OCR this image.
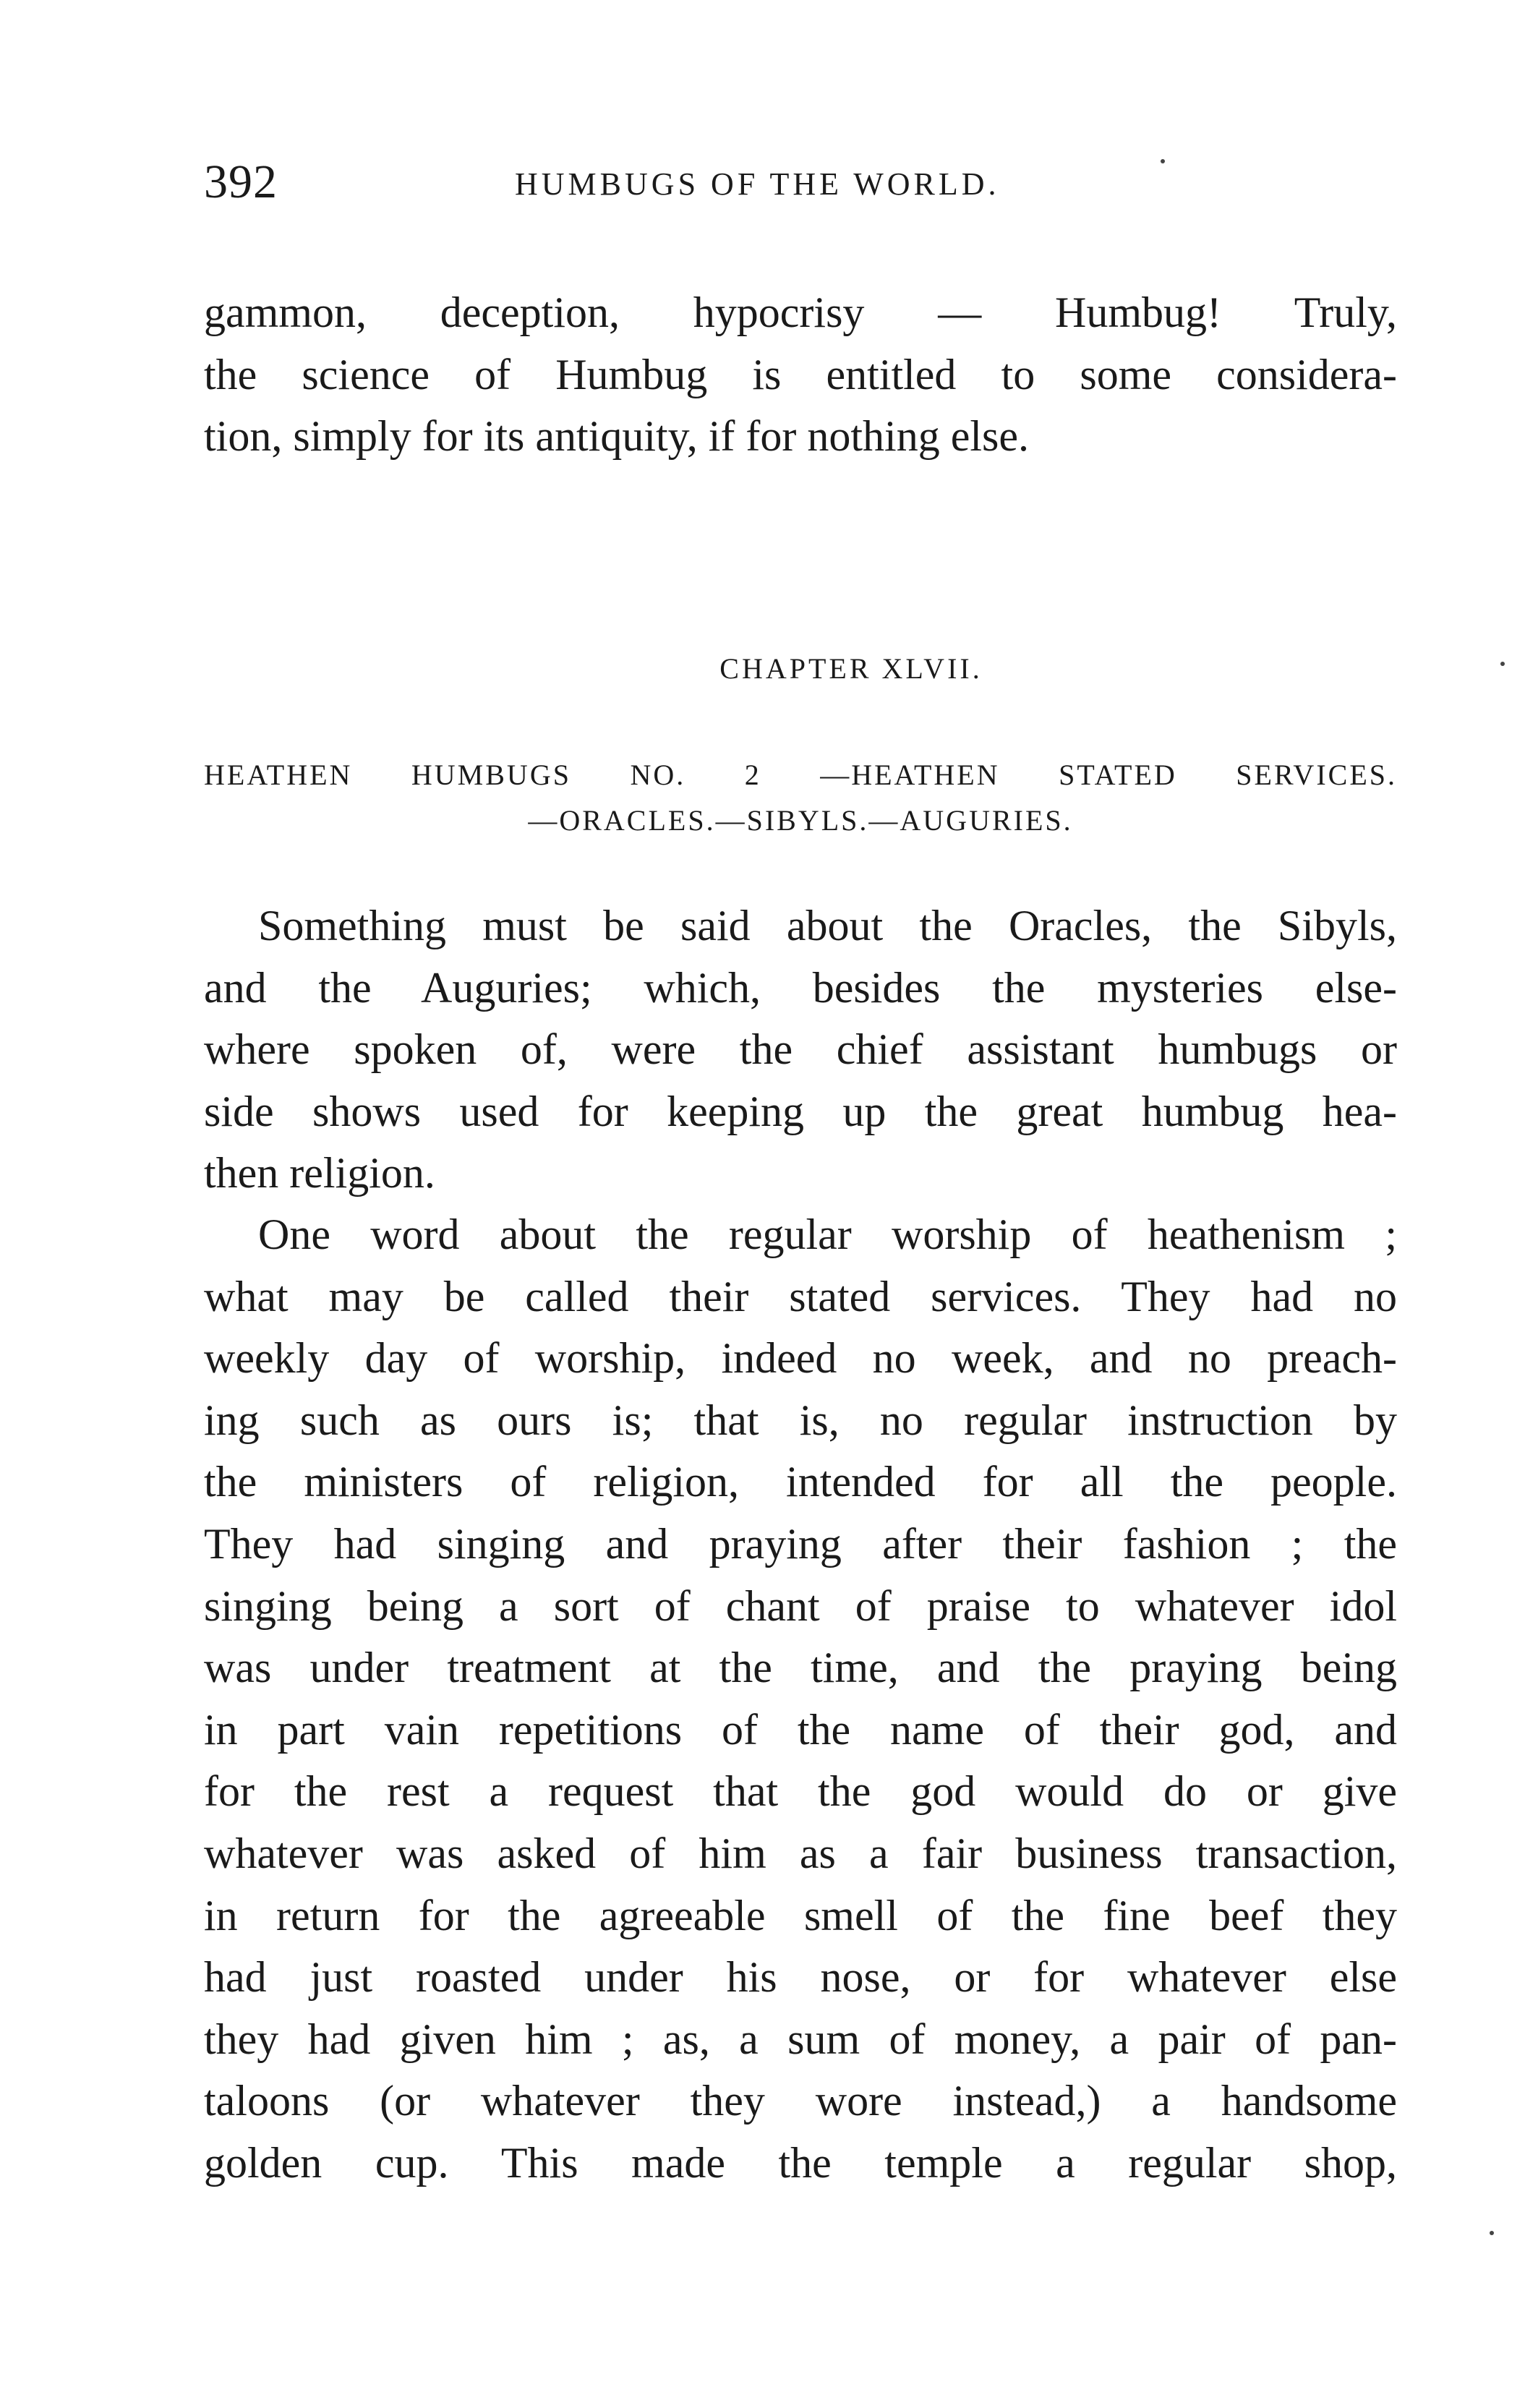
392	HUMBUGS OF THE WORLD.
gammon, deception, hypocrisy — Humbug! Truly,
the science of Humbug is entitled to some considera-
tion, simply for its antiquity, if for nothing else.
CHAPTER XLVII.
HEATHEN HUMBUGS NO. 2 —HEATHEN STATED SERVICES.
—ORACLES.—SIBYLS.—AUGURIES.
Something must be said about the Oracles, the Sibyls,
and the Auguries; which, besides the mysteries else-
where spoken of, were the chief assistant humbugs or
side shows used for keeping up the great humbug hea-
then religion.
One word about the regular worship of heathenism ;
what may be called their stated services. They had no
weekly day of worship, indeed no week, and no preach-
ing such as ours is; that is, no regular instruction by
the ministers of religion, intended for all the people.
They had singing and praying after their fashion ; the
singing being a sort of chant of praise to whatever idol
was under treatment at the time, and the praying being
in part vain repetitions of the name of their god, and
for the rest a request that the god would do or give
whatever was asked of him as a fair business transaction,
in return for the agreeable smell of the fine beef they
had just roasted under his nose, or for whatever else
they had given him ; as, a sum of money, a pair of pan-
taloons (or whatever they wore instead,) a handsome
golden cup. This made the temple a regular shop,
